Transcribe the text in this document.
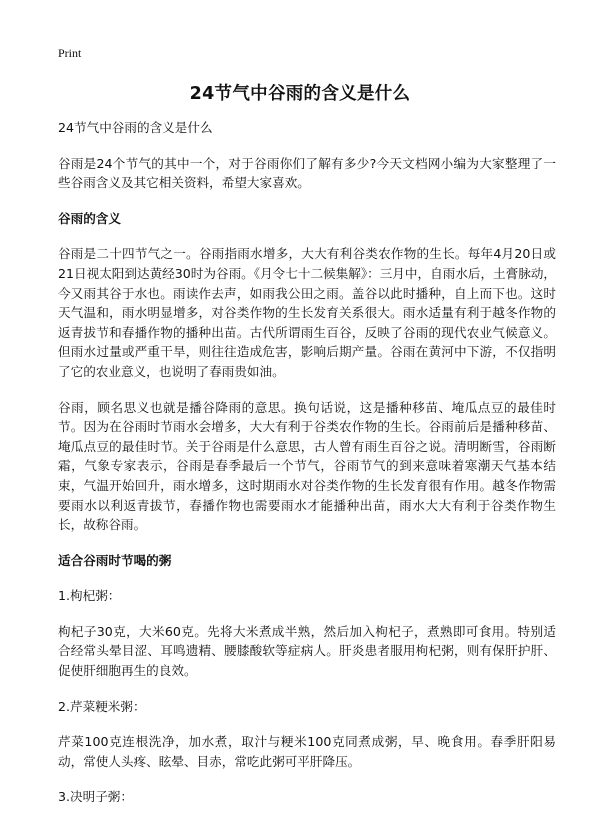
Print
24节气中谷雨的含义是什么

24节气中谷雨的含义是什么

谷雨是24个节气的其中一个，对于谷雨你们了解有多少?今天文档网小编为大家整理了一些谷雨含义及其它相关资料，希望大家喜欢。

谷雨的含义

谷雨是二十四节气之一。谷雨指雨水增多，大大有利谷类农作物的生长。每年4月20日或21日视太阳到达黄经30时为谷雨。《月令七十二候集解》：三月中，自雨水后，土膏脉动，今又雨其谷于水也。雨读作去声，如雨我公田之雨。盖谷以此时播种，自上而下也。这时天气温和，雨水明显增多，对谷类作物的生长发育关系很大。雨水适量有利于越冬作物的返青拔节和春播作物的播种出苗。古代所谓雨生百谷，反映了谷雨的现代农业气候意义。但雨水过量或严重干旱，则往往造成危害，影响后期产量。谷雨在黄河中下游，不仅指明了它的农业意义，也说明了春雨贵如油。

谷雨，顾名思义也就是播谷降雨的意思。换句话说，这是播种移苗、埯瓜点豆的最佳时节。因为在谷雨时节雨水会增多，大大有利于谷类农作物的生长。谷雨前后是播种移苗、埯瓜点豆的最佳时节。关于谷雨是什么意思，古人曾有雨生百谷之说。清明断雪，谷雨断霜，气象专家表示，谷雨是春季最后一个节气，谷雨节气的到来意味着寒潮天气基本结束，气温开始回升，雨水增多，这时期雨水对谷类作物的生长发育很有作用。越冬作物需要雨水以利返青拔节，春播作物也需要雨水才能播种出苗，雨水大大有利于谷类作物生长，故称谷雨。

适合谷雨时节喝的粥

1.枸杞粥：

枸杞子30克，大米60克。先将大米煮成半熟，然后加入枸杞子，煮熟即可食用。特别适合经常头晕目涩、耳鸣遗精、腰膝酸软等症病人。肝炎患者服用枸杞粥，则有保肝护肝、促使肝细胞再生的良效。

2.芹菜粳米粥：

芹菜100克连根洗净，加水煮，取汁与粳米100克同煮成粥，早、晚食用。春季肝阳易动，常使人头疼、眩晕、目赤，常吃此粥可平肝降压。

3.决明子粥：
